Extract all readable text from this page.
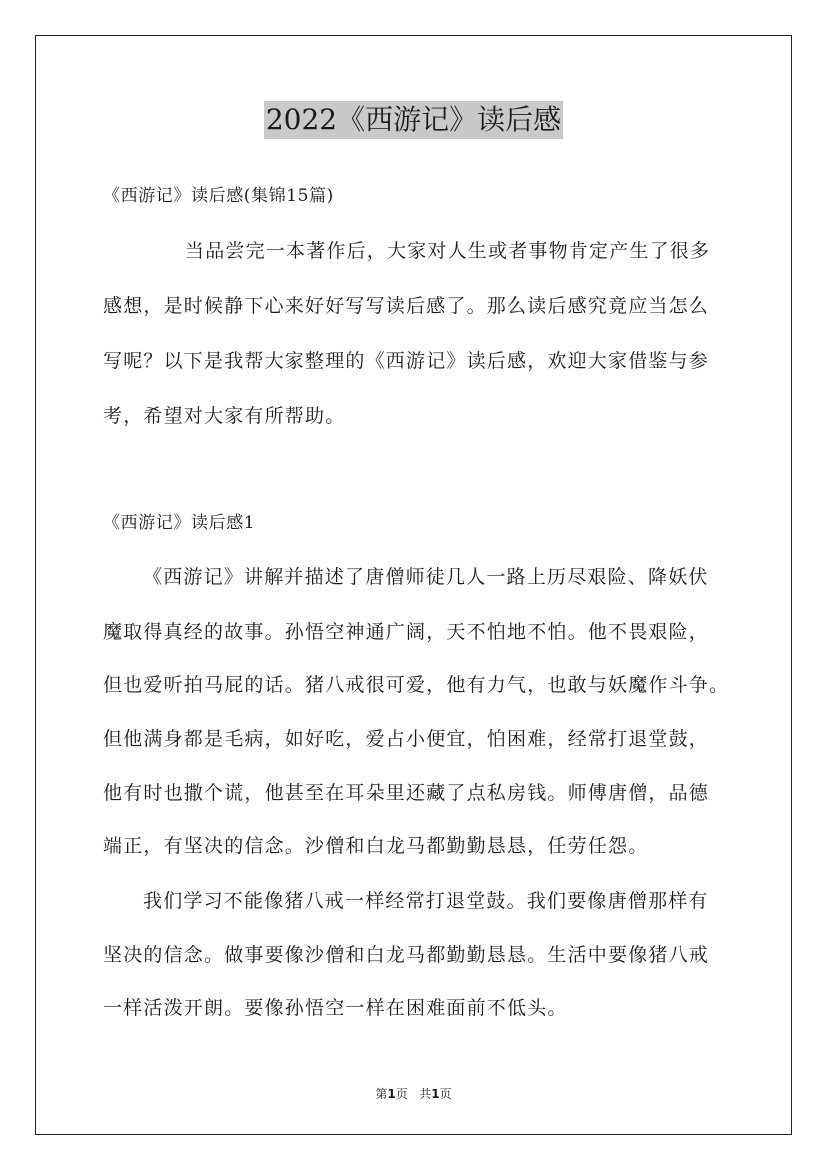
2022《西游记》读后感
《西游记》读后感(集锦15篇)
当品尝完一本著作后，大家对人生或者事物肯定产生了很多
感想，是时候静下心来好好写写读后感了。那么读后感究竟应当怎么
写呢？以下是我帮大家整理的《西游记》读后感，欢迎大家借鉴与参
考，希望对大家有所帮助。
《西游记》读后感1
《西游记》讲解并描述了唐僧师徒几人一路上历尽艰险、降妖伏
魔取得真经的故事。孙悟空神通广阔，天不怕地不怕。他不畏艰险，
但也爱听拍马屁的话。猪八戒很可爱，他有力气，也敢与妖魔作斗争。
但他满身都是毛病，如好吃，爱占小便宜，怕困难，经常打退堂鼓，
他有时也撒个谎，他甚至在耳朵里还藏了点私房钱。师傅唐僧，品德
端正，有坚决的信念。沙僧和白龙马都勤勤恳恳，任劳任怨。
我们学习不能像猪八戒一样经常打退堂鼓。我们要像唐僧那样有
坚决的信念。做事要像沙僧和白龙马都勤勤恳恳。生活中要像猪八戒
一样活泼开朗。要像孙悟空一样在困难面前不低头。
第1页 共1页
